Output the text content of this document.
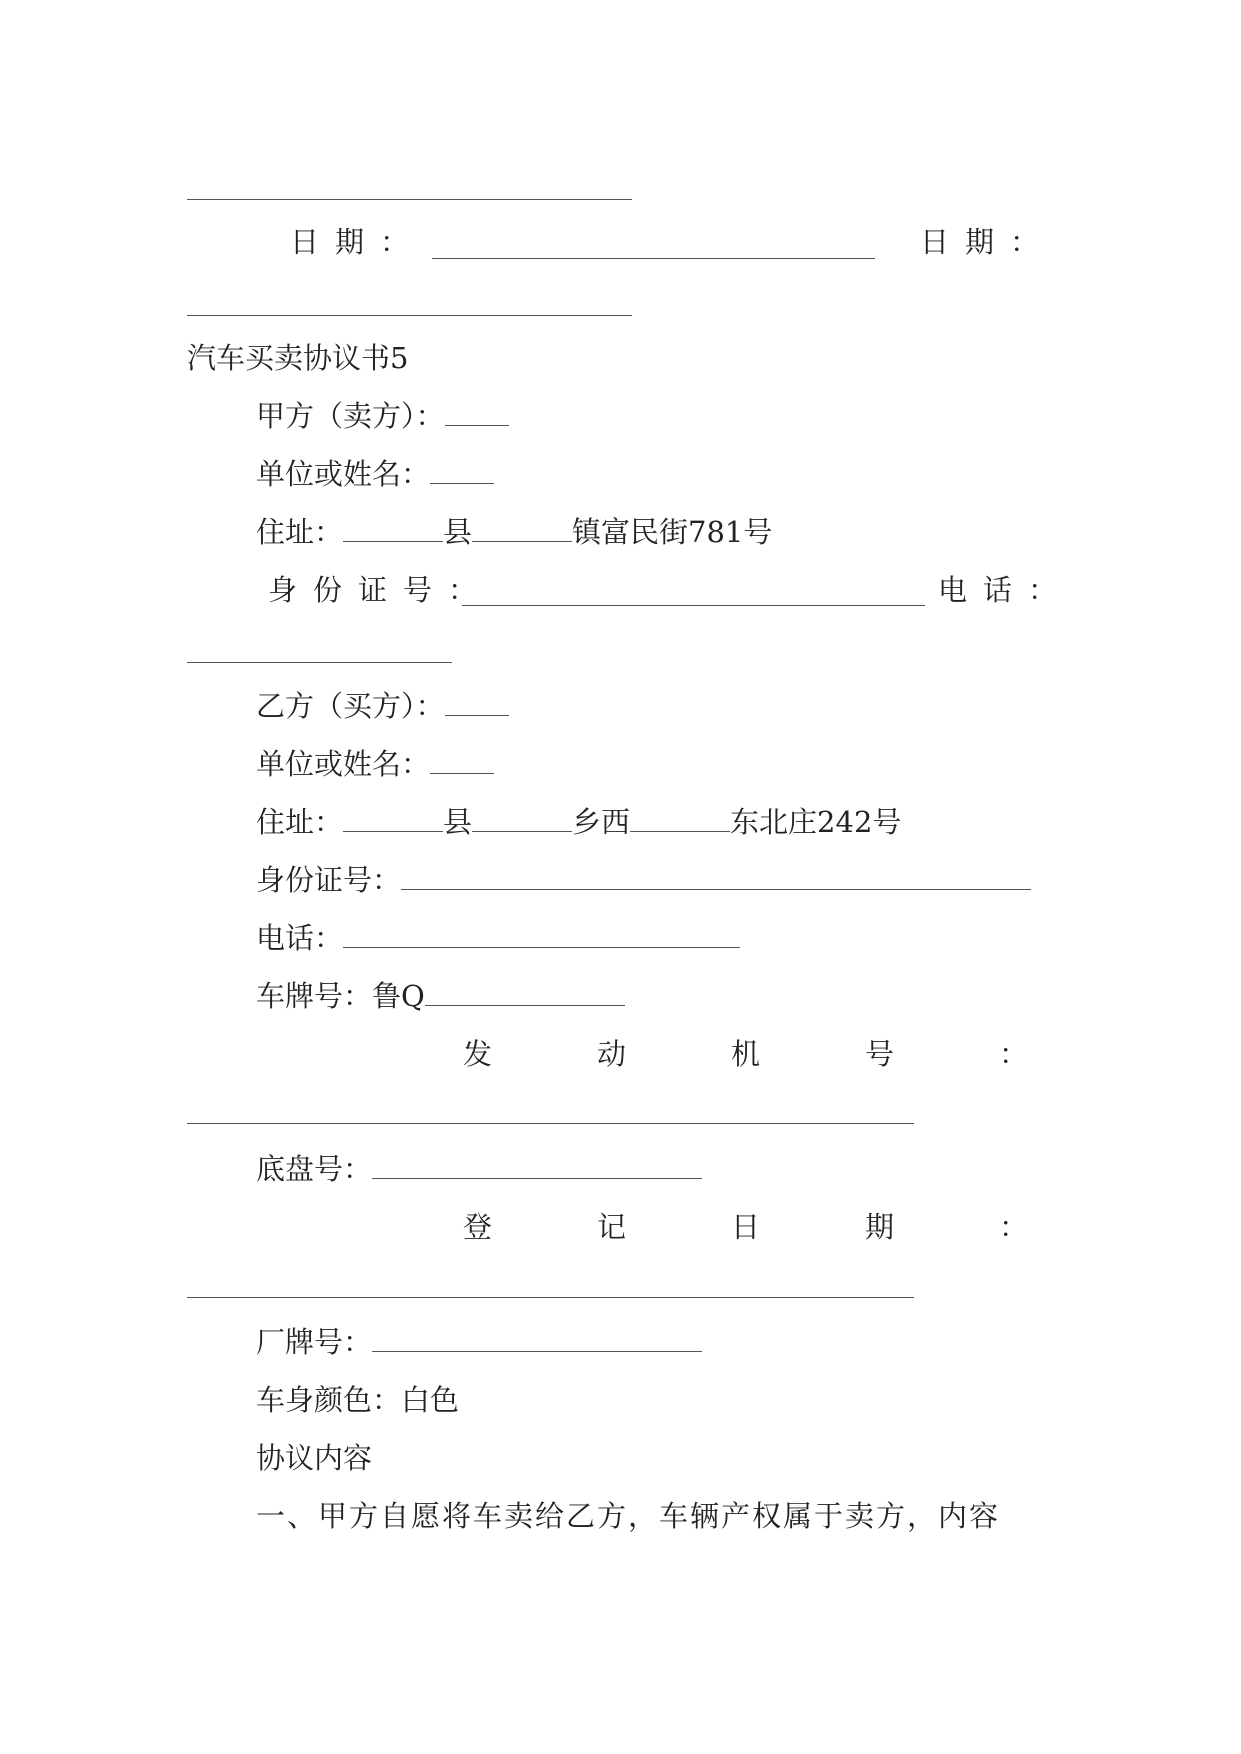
日期：	日期：
汽车买卖协议书5
甲方（卖方）：
单位或姓名：
住址：	县	镇富民街781号
身份证号：	电话：
乙方（买方）：
单位或姓名：
住址：	县	乡西	东北庄242号
身份证号：
电话：
车牌号：鲁Q
发	动	机	号	：
底盘号：
登	记	日	期	：
厂牌号：
车身颜色：白色
协议内容
一、甲方自愿将车卖给乙方，车辆产权属于卖方，内容
